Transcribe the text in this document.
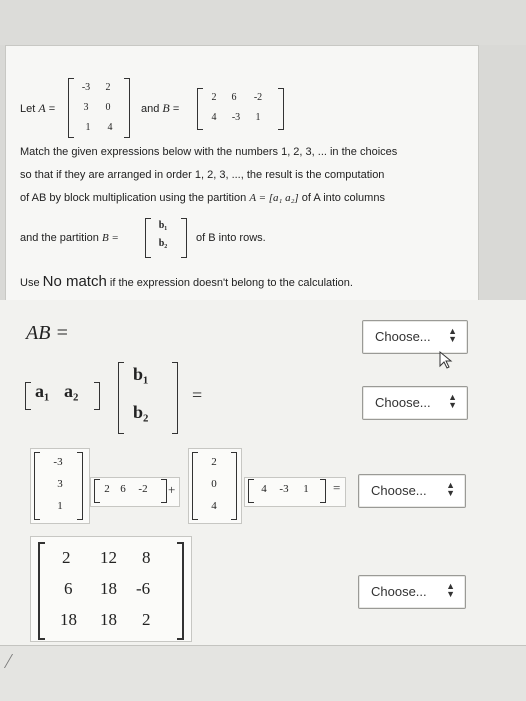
Let A =
-3	2
3	0
1	4
and B =
2	6	-2
4	-3	1
Match the given expressions below with the numbers 1, 2, 3, ... in the choices
so that if they are arranged in order 1, 2, 3, ..., the result is the computation
of AB by block multiplication using the partition A = [a₁ a₂] of A into columns
and the partition B =
b₁
b₂	of B into rows.
Use No match if the expression doesn't belong to the calculation.
AB =
a₁ a₂
b₁
b₂
=
-3
3
1
2 6	-2 +
2
0
4
4	-3	1	=
2 12 8
6 18 -6
18 18 2
Choose... ▲
▼
Choose... ▲
▼
Choose... ▲
▼
Choose... ▲
▼
